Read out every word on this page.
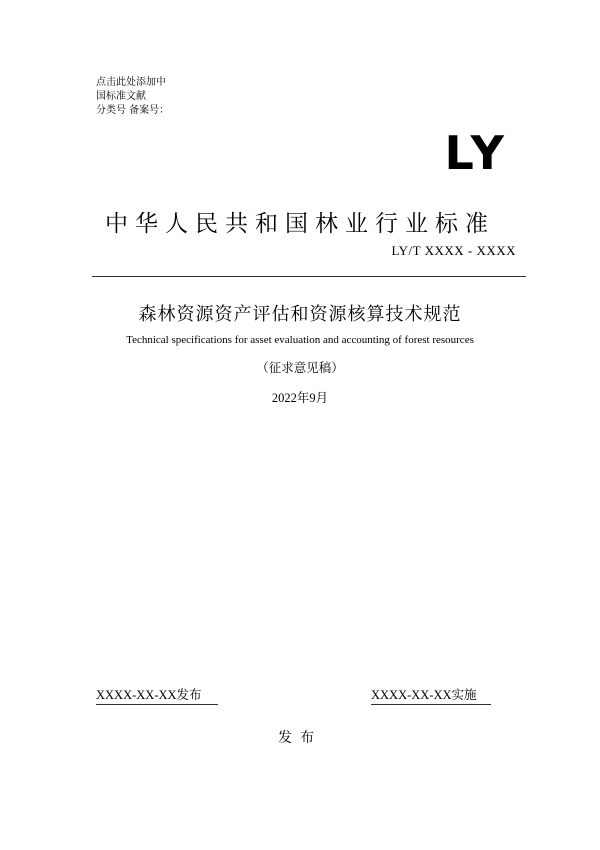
点击此处添加中
国标准文献
分类号 备案号：
LY
中华人民共和国林业行业标准
LY/T XXXX - XXXX
森林资源资产评估和资源核算技术规范
Technical specifications for asset evaluation and accounting of forest resources
（征求意见稿）
2022年9月
XXXX-XX-XX发布	XXXX-XX-XX实施
发布
